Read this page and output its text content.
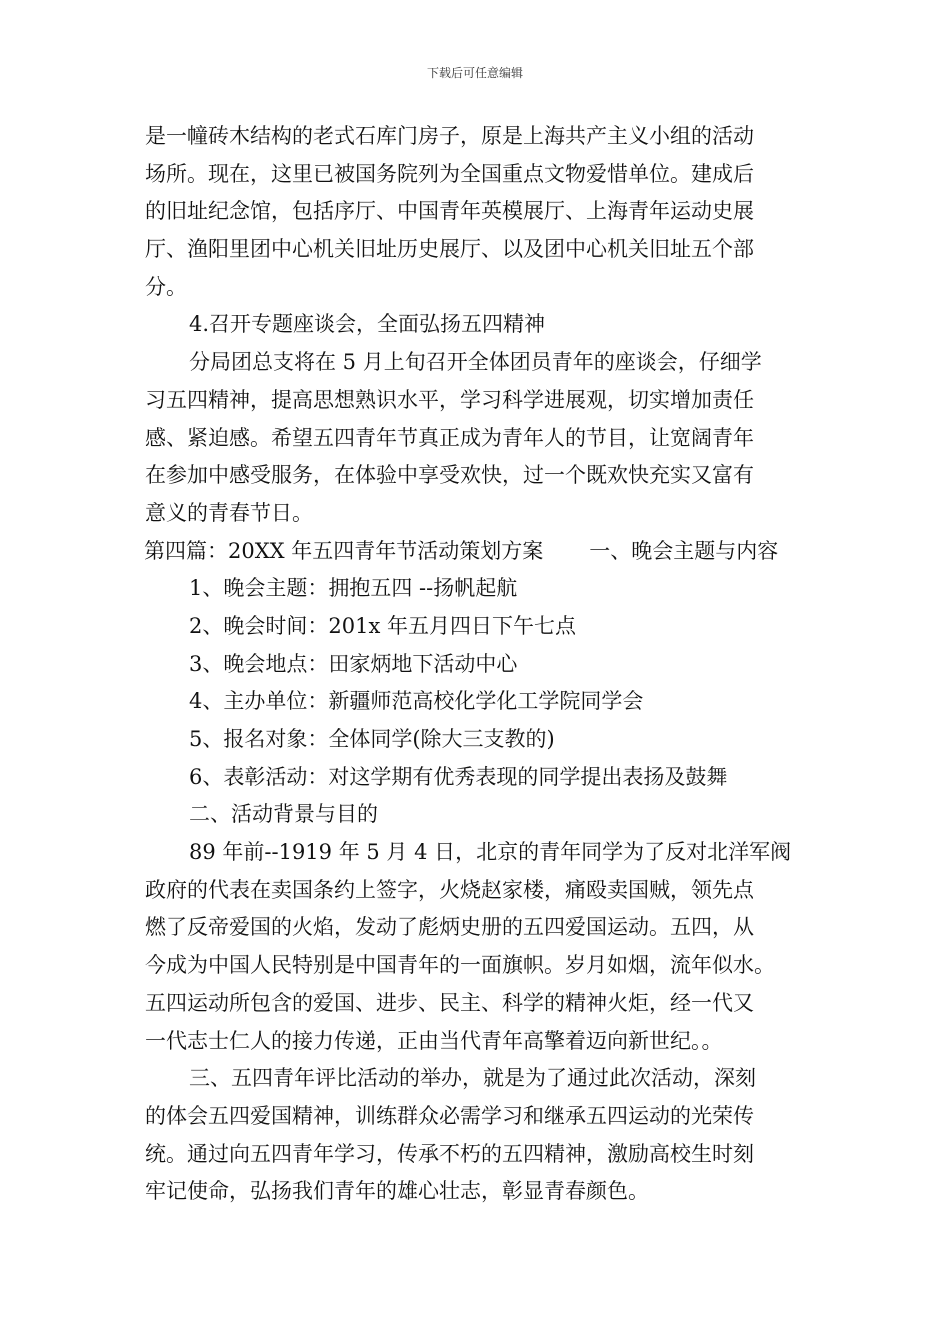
下载后可任意编辑
是一幢砖木结构的老式石库门房子，原是上海共产主义小组的活动
场所。现在，这里已被国务院列为全国重点文物爱惜单位。建成后
的旧址纪念馆，包括序厅、中国青年英模展厅、上海青年运动史展
厅、渔阳里团中心机关旧址历史展厅、以及团中心机关旧址五个部
分。
4.召开专题座谈会，全面弘扬五四精神
分局团总支将在 5 月上旬召开全体团员青年的座谈会，仔细学
习五四精神，提高思想熟识水平，学习科学进展观，切实增加责任
感、紧迫感。希望五四青年节真正成为青年人的节目，让宽阔青年
在参加中感受服务，在体验中享受欢快，过一个既欢快充实又富有
意义的青春节日。
第四篇：20XX 年五四青年节活动策划方案 一、晚会主题与内容
1、晚会主题：拥抱五四 --扬帆起航
2、晚会时间：201x 年五月四日下午七点
3、晚会地点：田家炳地下活动中心
4、主办单位：新疆师范高校化学化工学院同学会
5、报名对象：全体同学(除大三支教的)
6、表彰活动：对这学期有优秀表现的同学提出表扬及鼓舞
二、活动背景与目的
89 年前--1919 年 5 月 4 日，北京的青年同学为了反对北洋军阀
政府的代表在卖国条约上签字，火烧赵家楼，痛殴卖国贼，领先点
燃了反帝爱国的火焰，发动了彪炳史册的五四爱国运动。五四，从
今成为中国人民特别是中国青年的一面旗帜。岁月如烟，流年似水。
五四运动所包含的爱国、进步、民主、科学的精神火炬，经一代又
一代志士仁人的接力传递，正由当代青年高擎着迈向新世纪。。
三、五四青年评比活动的举办，就是为了通过此次活动，深刻
的体会五四爱国精神，训练群众必需学习和继承五四运动的光荣传
统。通过向五四青年学习，传承不朽的五四精神，激励高校生时刻
牢记使命，弘扬我们青年的雄心壮志，彰显青春颜色。
